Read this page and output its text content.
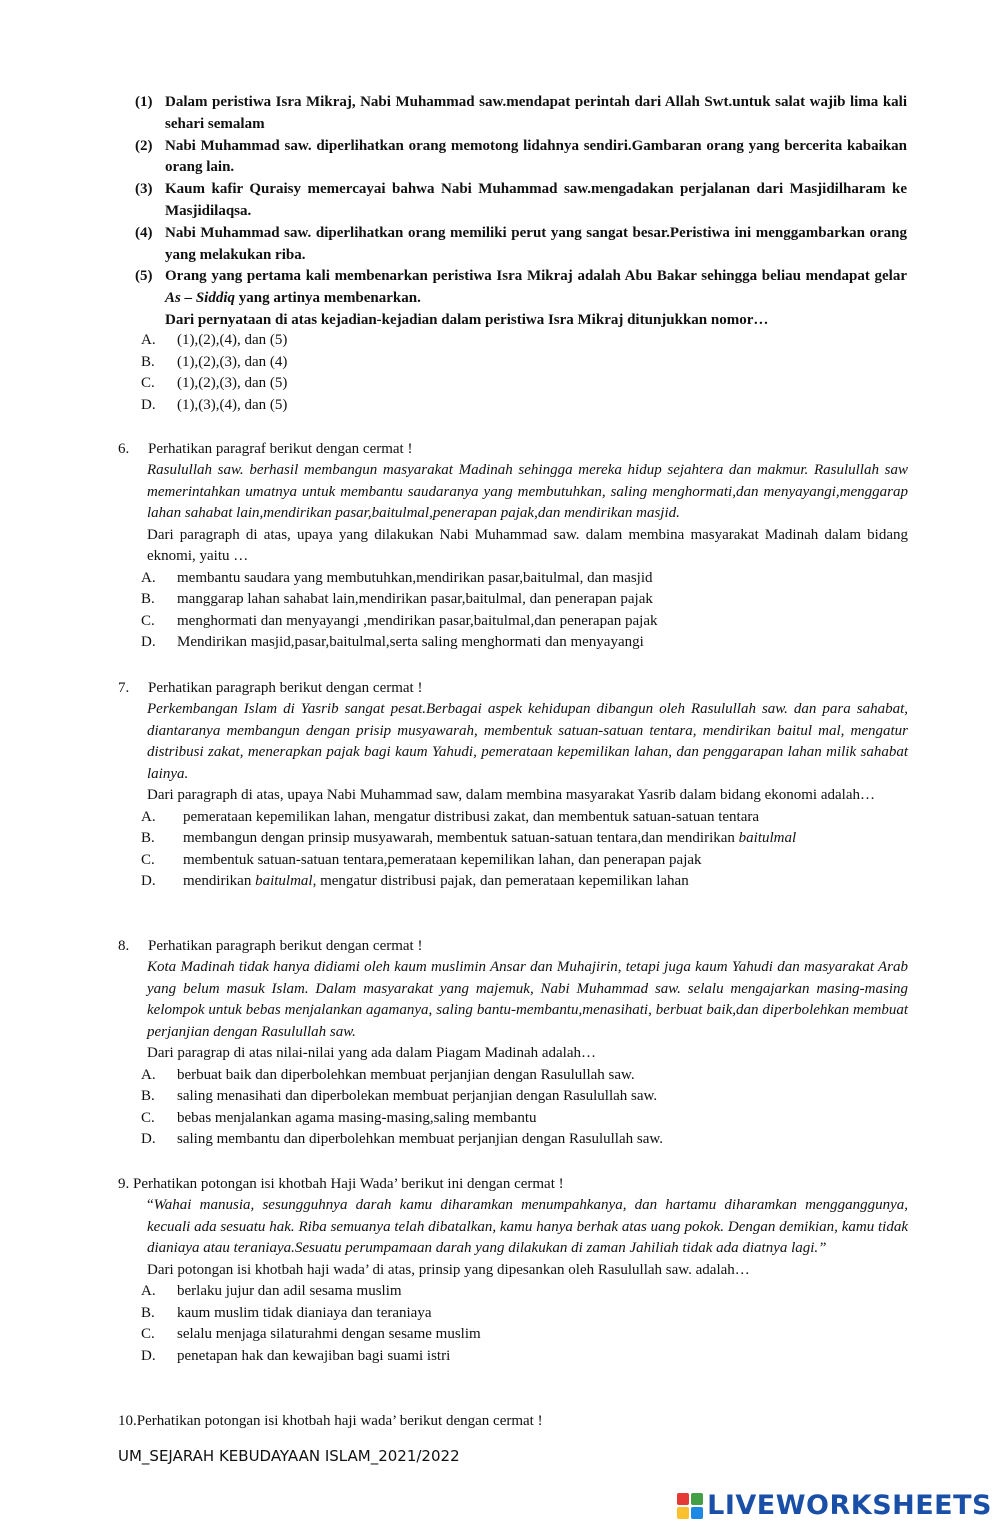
(1) Dalam peristiwa Isra Mikraj, Nabi Muhammad saw.mendapat perintah dari Allah Swt.untuk salat wajib lima kali sehari semalam
(2) Nabi Muhammad saw. diperlihatkan orang memotong lidahnya sendiri.Gambaran orang yang bercerita kabaikan orang lain.
(3) Kaum kafir Quraisy memercayai bahwa Nabi Muhammad saw.mengadakan perjalanan dari Masjidilharam ke Masjidilaqsa.
(4) Nabi Muhammad saw. diperlihatkan orang memiliki perut yang sangat besar.Peristiwa ini menggambarkan orang yang melakukan riba.
(5) Orang yang pertama kali membenarkan peristiwa Isra Mikraj adalah Abu Bakar sehingga beliau mendapat gelar As – Siddiq yang artinya membenarkan.
Dari pernyataan di atas kejadian-kejadian dalam peristiwa Isra Mikraj ditunjukkan nomor…
A.	(1),(2),(4), dan (5)
B.	(1),(2),(3), dan (4)
C.	(1),(2),(3), dan (5)
D.	(1),(3),(4), dan (5)
6. Perhatikan paragraf berikut dengan cermat !
Rasulullah saw. berhasil membangun masyarakat Madinah sehingga mereka hidup sejahtera dan makmur. Rasulullah saw memerintahkan umatnya untuk membantu saudaranya yang membutuhkan, saling menghormati,dan menyayangi,menggarap lahan sahabat lain,mendirikan pasar,baitulmal,penerapan pajak,dan mendirikan masjid.
Dari paragraph di atas, upaya yang dilakukan Nabi Muhammad saw. dalam membina masyarakat Madinah dalam bidang eknomi, yaitu …
A.	membantu saudara yang membutuhkan,mendirikan pasar,baitulmal, dan masjid
B.	manggarap lahan sahabat lain,mendirikan pasar,baitulmal, dan penerapan pajak
C.	menghormati dan menyayangi ,mendirikan pasar,baitulmal,dan penerapan pajak
D.	Mendirikan masjid,pasar,baitulmal,serta saling menghormati dan menyayangi
7. Perhatikan paragraph berikut dengan cermat !
Perkembangan Islam di Yasrib sangat pesat.Berbagai aspek kehidupan dibangun oleh Rasulullah saw. dan para sahabat, diantaranya membangun dengan prisip musyawarah, membentuk satuan-satuan tentara, mendirikan baitul mal, mengatur distribusi zakat, menerapkan pajak bagi kaum Yahudi, pemerataan kepemilikan lahan, dan penggarapan lahan milik sahabat lainya.
Dari paragraph di atas, upaya Nabi Muhammad saw, dalam membina masyarakat Yasrib dalam bidang ekonomi adalah…
A.	pemerataan kepemilikan lahan, mengatur distribusi zakat, dan membentuk satuan-satuan tentara
B.	membangun dengan prinsip musyawarah, membentuk satuan-satuan tentara,dan mendirikan baitulmal
C.	membentuk satuan-satuan tentara,pemerataan kepemilikan lahan, dan penerapan pajak
D.	mendirikan baitulmal, mengatur distribusi pajak, dan pemerataan kepemilikan lahan
8. Perhatikan paragraph berikut dengan cermat !
Kota Madinah tidak hanya didiami oleh kaum muslimin Ansar dan Muhajirin, tetapi juga kaum Yahudi dan masyarakat Arab yang belum masuk Islam. Dalam masyarakat yang majemuk, Nabi Muhammad saw. selalu mengajarkan masing-masing kelompok untuk bebas menjalankan agamanya, saling bantu-membantu,menasihati, berbuat baik,dan diperbolehkan membuat perjanjian dengan Rasulullah saw.
Dari paragrap di atas nilai-nilai yang ada dalam Piagam Madinah adalah…
A.	berbuat baik dan diperbolehkan membuat perjanjian dengan Rasulullah saw.
B.	saling menasihati dan diperbolekan membuat perjanjian dengan Rasulullah saw.
C.	bebas menjalankan agama masing-masing,saling membantu
D.	saling membantu dan diperbolehkan membuat perjanjian dengan Rasulullah saw.
9. Perhatikan potongan isi khotbah Haji Wada’ berikut ini dengan cermat !
“Wahai manusia, sesungguhnya darah kamu diharamkan menumpahkanya, dan hartamu diharamkan mengganggunya, kecuali ada sesuatu hak. Riba semuanya telah dibatalkan, kamu hanya berhak atas uang pokok. Dengan demikian, kamu tidak dianiaya atau teraniaya.Sesuatu perumpamaan darah yang dilakukan di zaman Jahiliah tidak ada diatnya lagi.”
Dari potongan isi khotbah haji wada’ di atas, prinsip yang dipesankan oleh Rasulullah saw. adalah…
A.	berlaku jujur dan adil sesama muslim
B.	kaum muslim tidak dianiaya dan teraniaya
C.	selalu menjaga silaturahmi dengan sesame muslim
D.	penetapan hak dan kewajiban bagi suami istri
10.Perhatikan potongan isi khotbah haji wada’ berikut dengan cermat !
UM_SEJARAH KEBUDAYAAN ISLAM_2021/2022
LIVEWORKSHEETS
